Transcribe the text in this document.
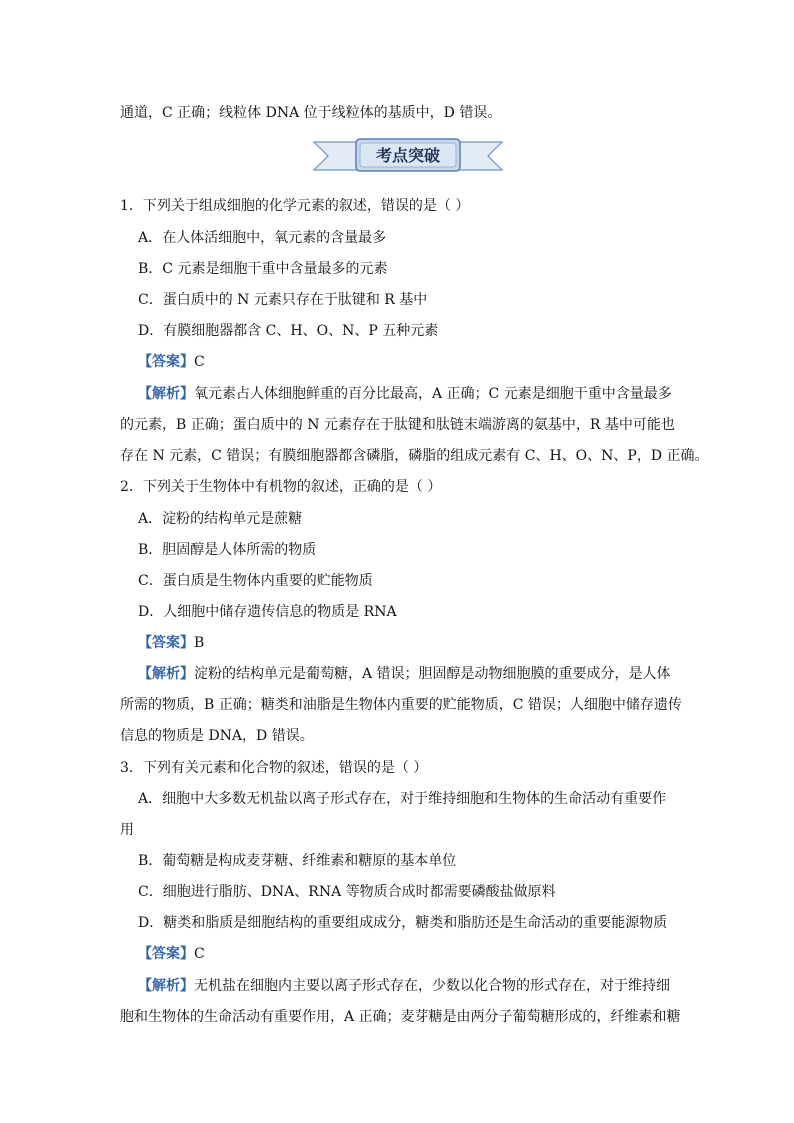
通道，C 正确；线粒体 DNA 位于线粒体的基质中，D 错误。
考点突破
1．下列关于组成细胞的化学元素的叙述，错误的是（ ）
A．在人体活细胞中，氧元素的含量最多
B．C 元素是细胞干重中含量最多的元素
C．蛋白质中的 N 元素只存在于肽键和 R 基中
D．有膜细胞器都含 C、H、O、N、P 五种元素
【答案】C
【解析】氧元素占人体细胞鲜重的百分比最高，A 正确；C 元素是细胞干重中含量最多
的元素，B 正确；蛋白质中的 N 元素存在于肽键和肽链末端游离的氨基中，R 基中可能也
存在 N 元素，C 错误；有膜细胞器都含磷脂，磷脂的组成元素有 C、H、O、N、P，D 正确。
2．下列关于生物体中有机物的叙述，正确的是（ ）
A．淀粉的结构单元是蔗糖
B．胆固醇是人体所需的物质
C．蛋白质是生物体内重要的贮能物质
D．人细胞中储存遗传信息的物质是 RNA
【答案】B
【解析】淀粉的结构单元是葡萄糖，A 错误；胆固醇是动物细胞膜的重要成分，是人体
所需的物质，B 正确；糖类和油脂是生物体内重要的贮能物质，C 错误；人细胞中储存遗传
信息的物质是 DNA，D 错误。
3．下列有关元素和化合物的叙述，错误的是（ ）
A．细胞中大多数无机盐以离子形式存在，对于维持细胞和生物体的生命活动有重要作
用
B．葡萄糖是构成麦芽糖、纤维素和糖原的基本单位
C．细胞进行脂肪、DNA、RNA 等物质合成时都需要磷酸盐做原料
D．糖类和脂质是细胞结构的重要组成成分，糖类和脂肪还是生命活动的重要能源物质
【答案】C
【解析】无机盐在细胞内主要以离子形式存在，少数以化合物的形式存在，对于维持细
胞和生物体的生命活动有重要作用，A 正确；麦芽糖是由两分子葡萄糖形成的，纤维素和糖
